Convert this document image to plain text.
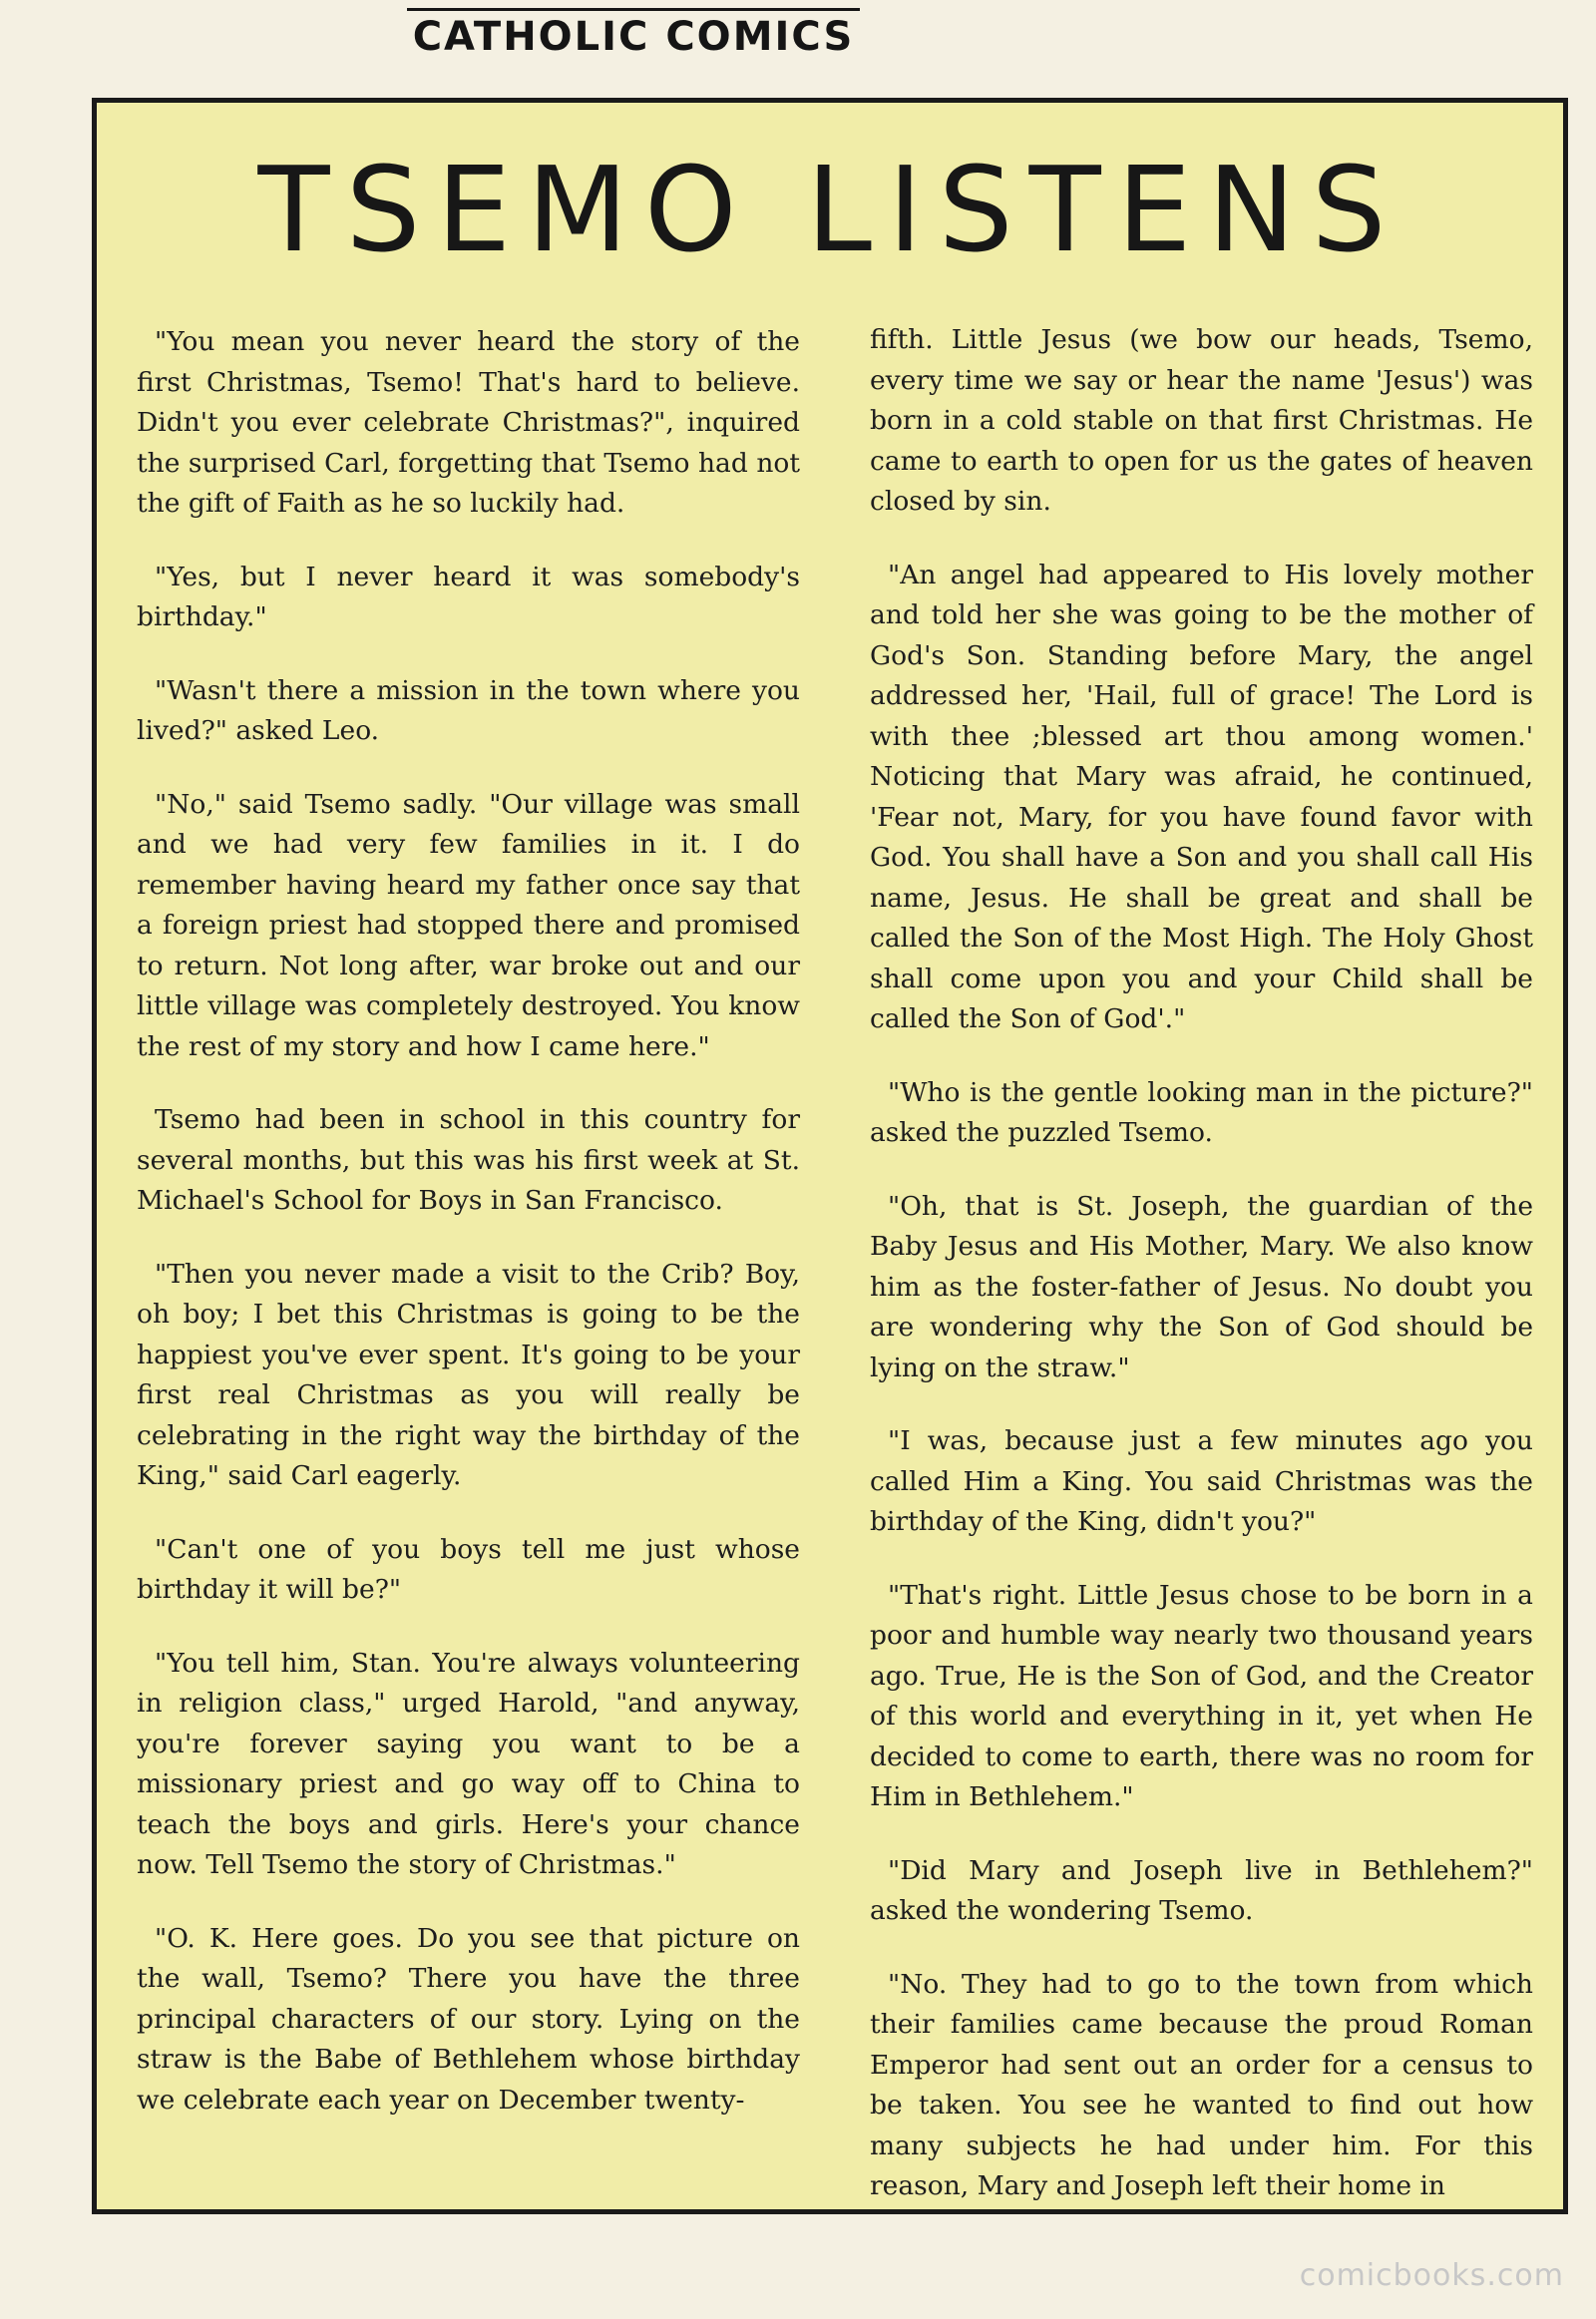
CATHOLIC COMICS
TSEMO LISTENS

"You mean you never heard the story of the first Christmas, Tsemo! That's hard to believe. Didn't you ever celebrate Christmas?", inquired the surprised Carl, forgetting that Tsemo had not the gift of Faith as he so luckily had.

"Yes, but I never heard it was somebody's birthday."

"Wasn't there a mission in the town where you lived?" asked Leo.

"No," said Tsemo sadly. "Our village was small and we had very few families in it. I do remember having heard my father once say that a foreign priest had stopped there and promised to return. Not long after, war broke out and our little village was completely destroyed. You know the rest of my story and how I came here."

Tsemo had been in school in this country for several months, but this was his first week at St. Michael's School for Boys in San Francisco.

"Then you never made a visit to the Crib? Boy, oh boy; I bet this Christmas is going to be the happiest you've ever spent. It's going to be your first real Christmas as you will really be celebrating in the right way the birthday of the King," said Carl eagerly.

"Can't one of you boys tell me just whose birthday it will be?"

"You tell him, Stan. You're always volunteering in religion class," urged Harold, "and anyway, you're forever saying you want to be a missionary priest and go way off to China to teach the boys and girls. Here's your chance now. Tell Tsemo the story of Christmas."

"O. K. Here goes. Do you see that picture on the wall, Tsemo? There you have the three principal characters of our story. Lying on the straw is the Babe of Bethlehem whose birthday we celebrate each year on December twenty-

fifth. Little Jesus (we bow our heads, Tsemo, every time we say or hear the name 'Jesus') was born in a cold stable on that first Christmas. He came to earth to open for us the gates of heaven closed by sin.

"An angel had appeared to His lovely mother and told her she was going to be the mother of God's Son. Standing before Mary, the angel addressed her, 'Hail, full of grace! The Lord is with thee ;blessed art thou among women.' Noticing that Mary was afraid, he continued, 'Fear not, Mary, for you have found favor with God. You shall have a Son and you shall call His name, Jesus. He shall be great and shall be called the Son of the Most High. The Holy Ghost shall come upon you and your Child shall be called the Son of God'."

"Who is the gentle looking man in the picture?" asked the puzzled Tsemo.

"Oh, that is St. Joseph, the guardian of the Baby Jesus and His Mother, Mary. We also know him as the foster-father of Jesus. No doubt you are wondering why the Son of God should be lying on the straw."

"I was, because just a few minutes ago you called Him a King. You said Christmas was the birthday of the King, didn't you?"

"That's right. Little Jesus chose to be born in a poor and humble way nearly two thousand years ago. True, He is the Son of God, and the Creator of this world and everything in it, yet when He decided to come to earth, there was no room for Him in Bethlehem."

"Did Mary and Joseph live in Bethlehem?" asked the wondering Tsemo.

"No. They had to go to the town from which their families came because the proud Roman Emperor had sent out an order for a census to be taken. You see he wanted to find out how many subjects he had under him. For this reason, Mary and Joseph left their home in

comicbooks.com
